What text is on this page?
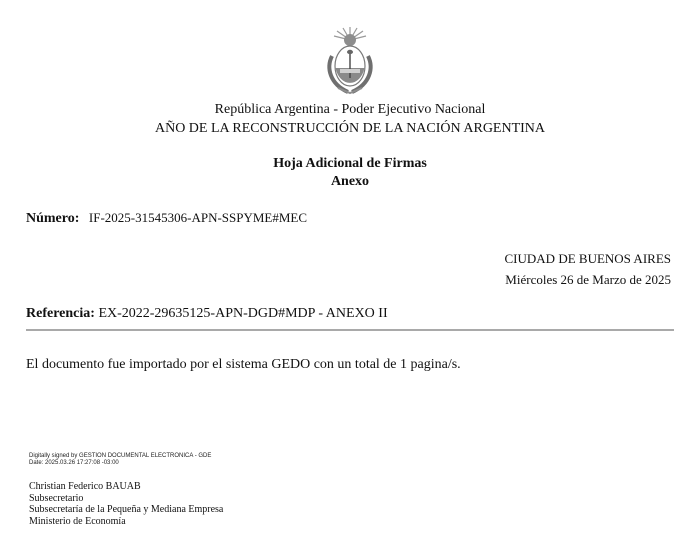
República Argentina - Poder Ejecutivo Nacional
AÑO DE LA RECONSTRUCCIÓN DE LA NACIÓN ARGENTINA
Hoja Adicional de Firmas
Anexo
Número: IF-2025-31545306-APN-SSPYME#MEC
CIUDAD DE BUENOS AIRES
Miércoles 26 de Marzo de 2025
Referencia: EX-2022-29635125-APN-DGD#MDP - ANEXO II
El documento fue importado por el sistema GEDO con un total de 1 pagina/s.
Digitally signed by GESTION DOCUMENTAL ELECTRONICA - GDE
Date: 2025.03.26 17:27:08 -03:00
Christian Federico BAUAB
Subsecretario
Subsecretaría de la Pequeña y Mediana Empresa
Ministerio de Economía
